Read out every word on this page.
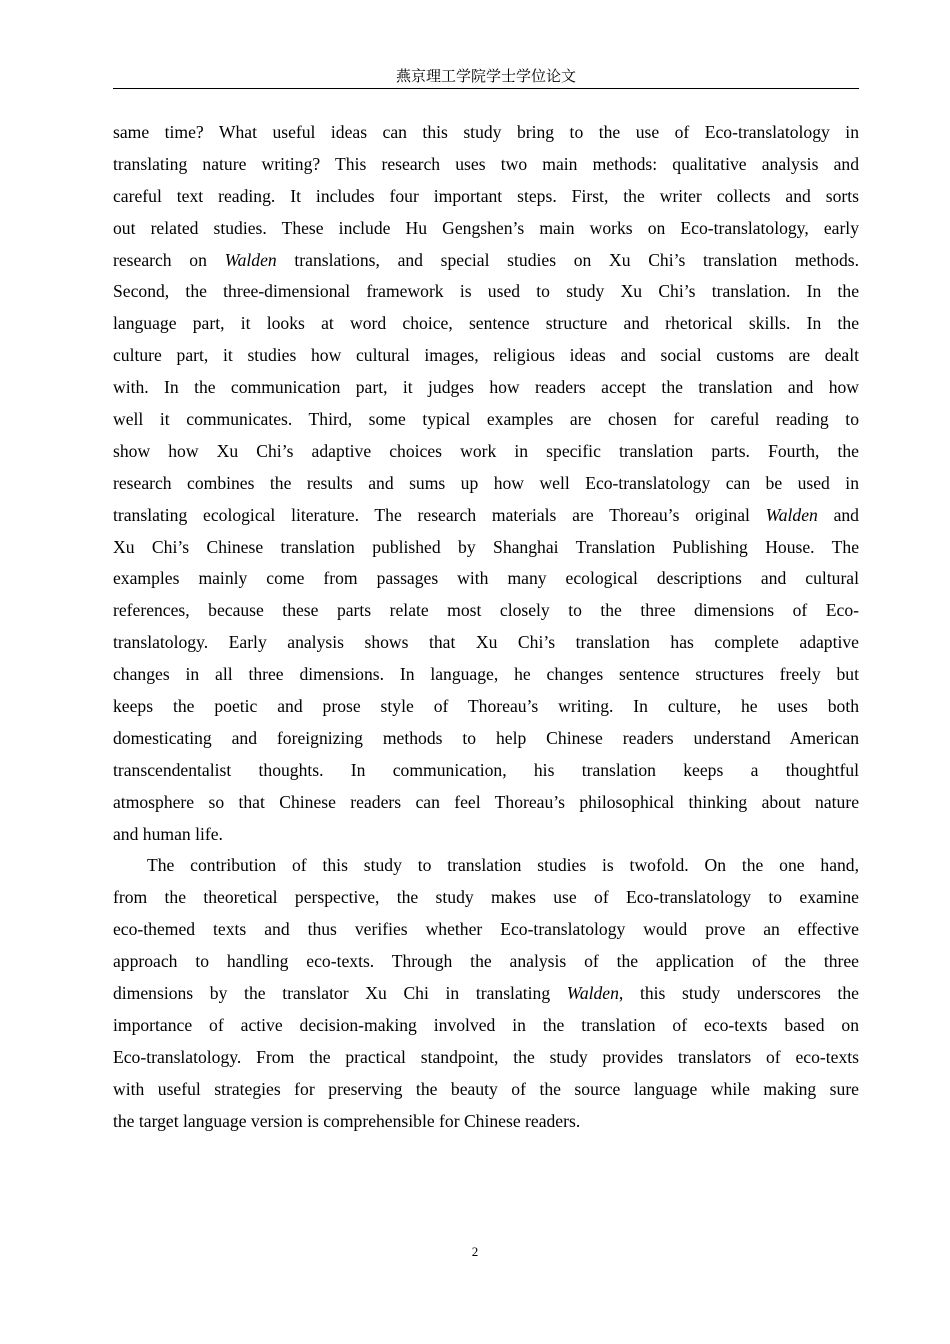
燕京理工学院学士学位论文

same time? What useful ideas can this study bring to the use of Eco-translatology in
translating nature writing? This research uses two main methods: qualitative analysis and
careful text reading. It includes four important steps. First, the writer collects and sorts
out related studies. These include Hu Gengshen’s main works on Eco-translatology, early
research on Walden translations, and special studies on Xu Chi’s translation methods.
Second, the three-dimensional framework is used to study Xu Chi’s translation. In the
language part, it looks at word choice, sentence structure and rhetorical skills. In the
culture part, it studies how cultural images, religious ideas and social customs are dealt
with. In the communication part, it judges how readers accept the translation and how
well it communicates. Third, some typical examples are chosen for careful reading to
show how Xu Chi’s adaptive choices work in specific translation parts. Fourth, the
research combines the results and sums up how well Eco-translatology can be used in
translating ecological literature. The research materials are Thoreau’s original Walden and
Xu Chi’s Chinese translation published by Shanghai Translation Publishing House. The
examples mainly come from passages with many ecological descriptions and cultural
references, because these parts relate most closely to the three dimensions of Eco-
translatology. Early analysis shows that Xu Chi’s translation has complete adaptive
changes in all three dimensions. In language, he changes sentence structures freely but
keeps the poetic and prose style of Thoreau’s writing. In culture, he uses both
domesticating and foreignizing methods to help Chinese readers understand American
transcendentalist thoughts. In communication, his translation keeps a thoughtful
atmosphere so that Chinese readers can feel Thoreau’s philosophical thinking about nature
and human life.

The contribution of this study to translation studies is twofold. On the one hand,
from the theoretical perspective, the study makes use of Eco-translatology to examine
eco-themed texts and thus verifies whether Eco-translatology would prove an effective
approach to handling eco-texts. Through the analysis of the application of the three
dimensions by the translator Xu Chi in translating Walden, this study underscores the
importance of active decision-making involved in the translation of eco-texts based on
Eco-translatology. From the practical standpoint, the study provides translators of eco-texts
with useful strategies for preserving the beauty of the source language while making sure
the target language version is comprehensible for Chinese readers.

2
